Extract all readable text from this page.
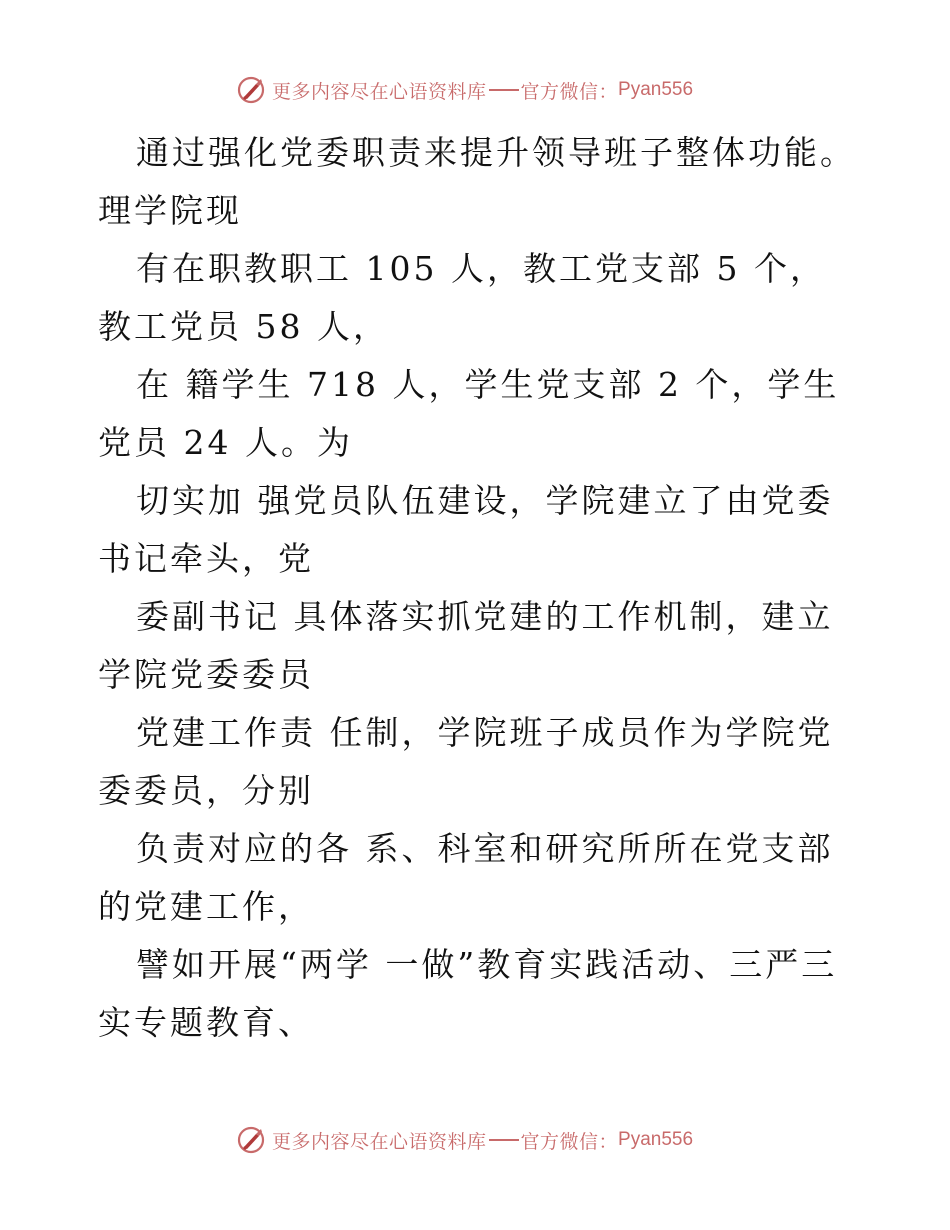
更多内容尽在心语资料库 官方微信： Pyan556

通过强化党委职责来提升领导班子整体功能。理学院现

有在职教职工 105 人，教工党支部 5 个，教工党员 58 人，

在 籍学生 718 人，学生党支部 2 个，学生党员 24 人。为

切实加 强党员队伍建设，学院建立了由党委书记牵头，党

委副书记 具体落实抓党建的工作机制，建立学院党委委员

党建工作责 任制，学院班子成员作为学院党委委员，分别

负责对应的各 系、科室和研究所所在党支部的党建工作，

譬如开展“两学 一做”教育实践活动、三严三实专题教育、

更多内容尽在心语资料库 官方微信： Pyan556
